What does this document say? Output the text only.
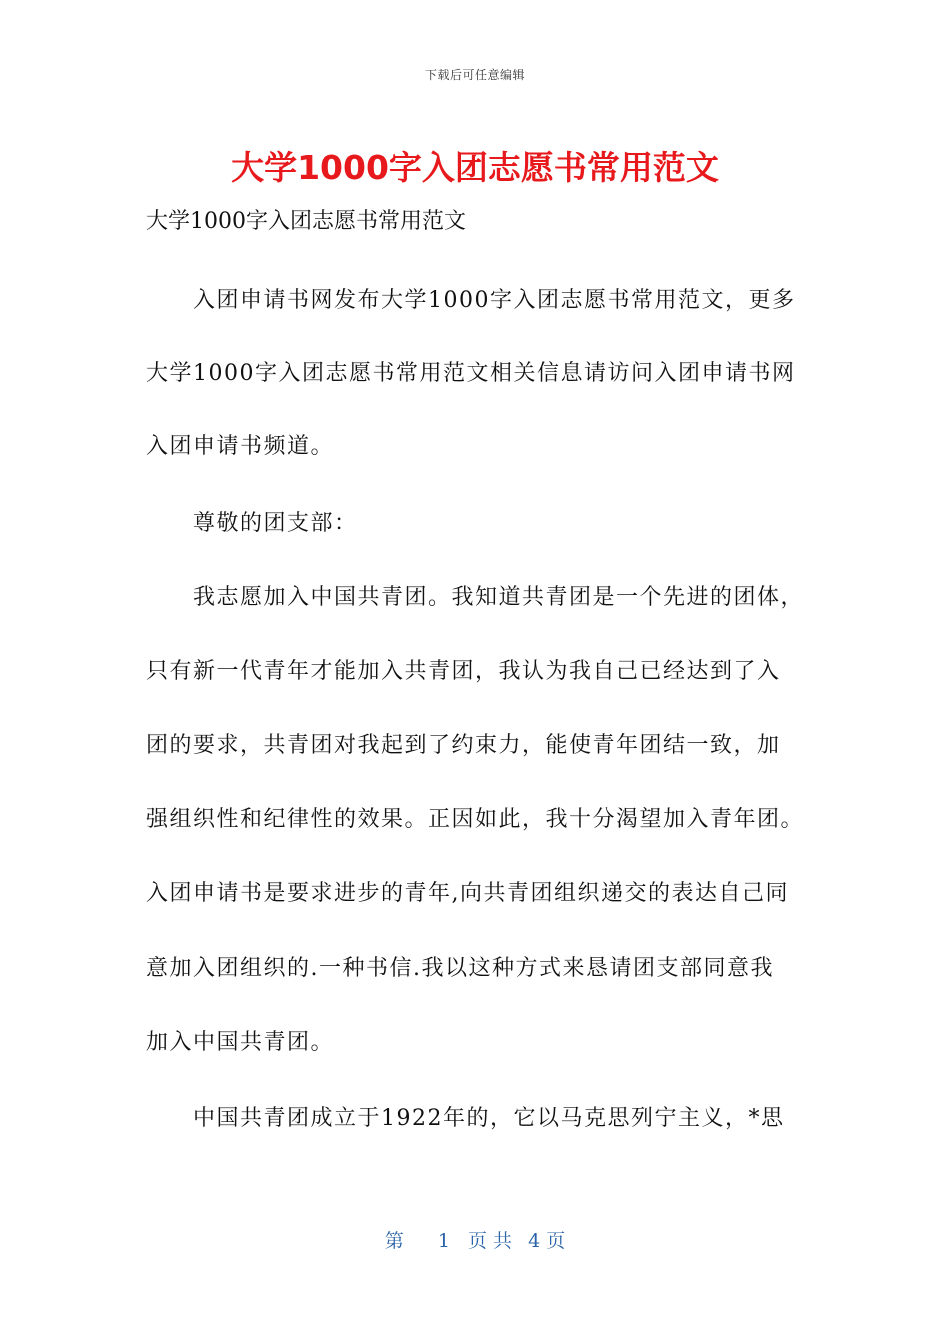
下载后可任意编辑
大学1000字入团志愿书常用范文
大学1000字入团志愿书常用范文
　　入团申请书网发布大学1000字入团志愿书常用范文，更多
大学1000字入团志愿书常用范文相关信息请访问入团申请书网
入团申请书频道。
　　尊敬的团支部：
　　我志愿加入中国共青团。我知道共青团是一个先进的团体，
只有新一代青年才能加入共青团，我认为我自己已经达到了入
团的要求，共青团对我起到了约束力，能使青年团结一致，加
强组织性和纪律性的效果。正因如此，我十分渴望加入青年团。
入团申请书是要求进步的青年,向共青团组织递交的表达自己同
意加入团组织的.一种书信.我以这种方式来恳请团支部同意我
加入中国共青团。
　　中国共青团成立于1922年的，它以马克思列宁主义，*思
第 1 页 共 4 页
